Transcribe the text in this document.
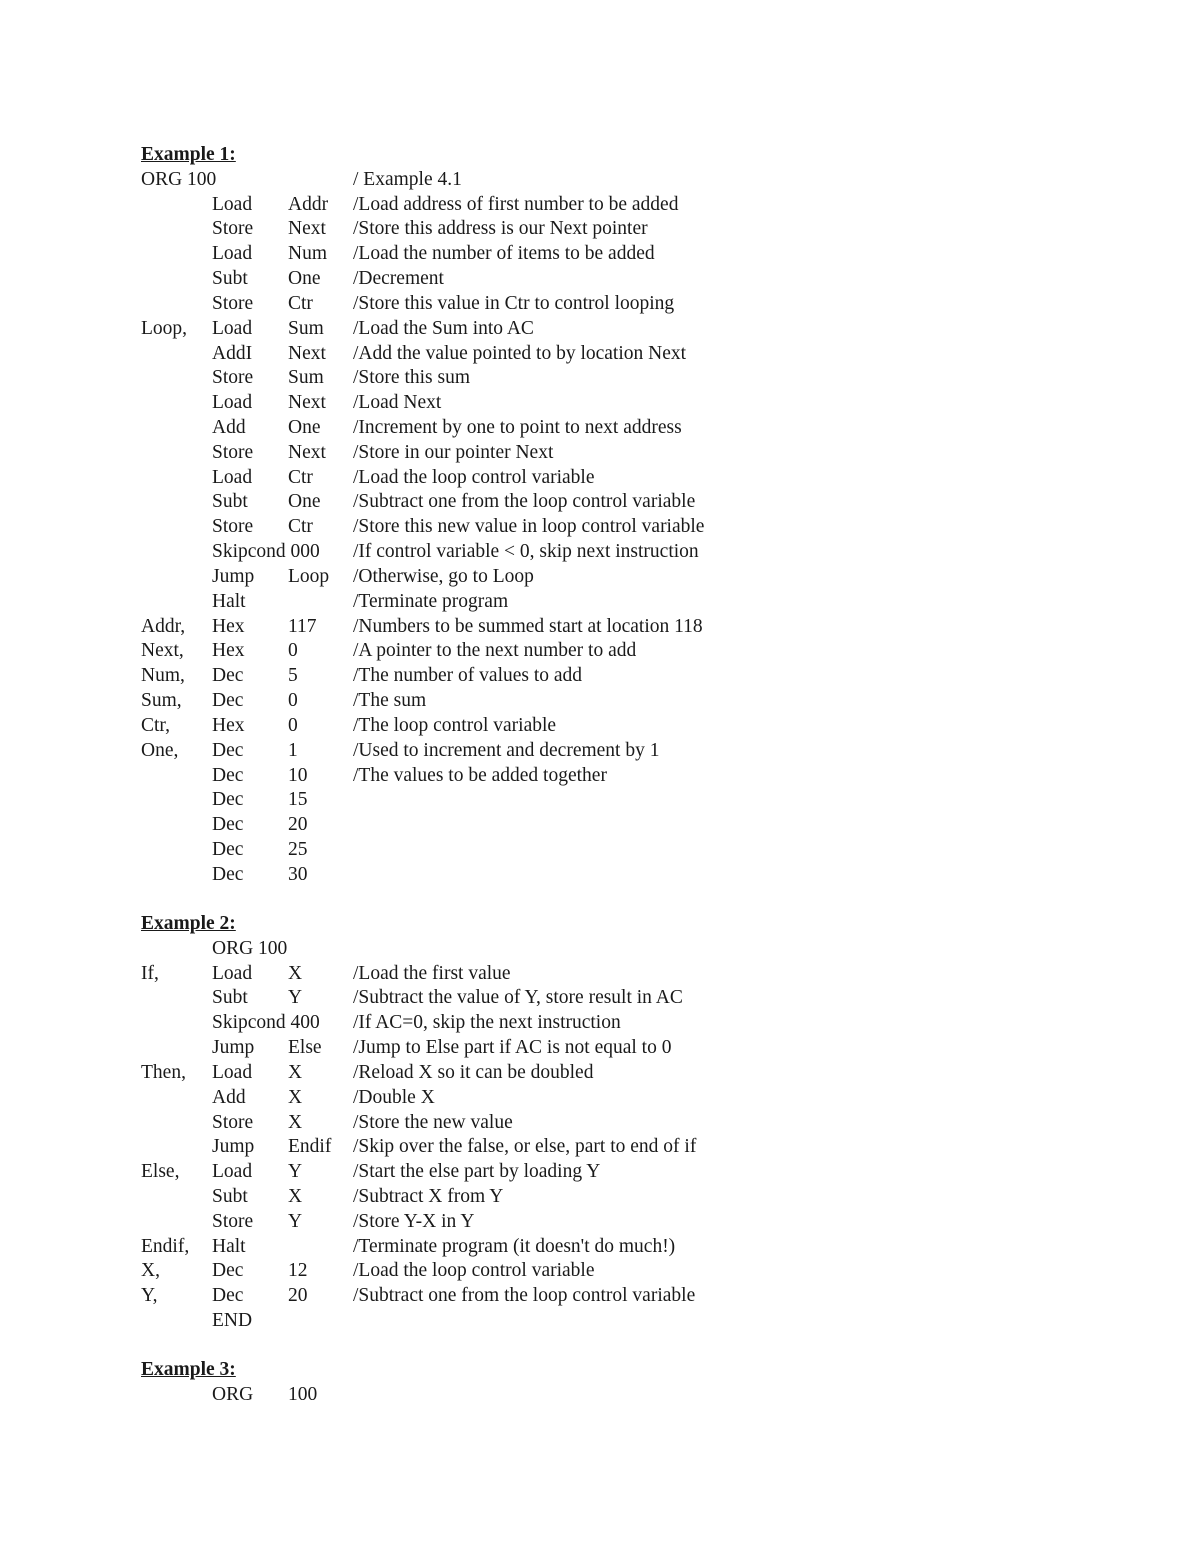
Example 1:
ORG 100	/ Example 4.1
Load Addr /Load address of first number to be added
Store Next /Store this address is our Next pointer
Load Num /Load the number of items to be added
Subt One /Decrement
Store Ctr /Store this value in Ctr to control looping
Loop, Load Sum /Load the Sum into AC
AddI Next /Add the value pointed to by location Next
Store Sum /Store this sum
Load Next /Load Next
Add One /Increment by one to point to next address
Store Next /Store in our pointer Next
Load Ctr /Load the loop control variable
Subt One /Subtract one from the loop control variable
Store Ctr /Store this new value in loop control variable
Skipcond 000 /If control variable < 0, skip next instruction
Jump Loop /Otherwise, go to Loop
Halt	/Terminate program
Addr, Hex 117 /Numbers to be summed start at location 118
Next, Hex 0	/A pointer to the next number to add
Num, Dec 5	/The number of values to add
Sum, Dec 0	/The sum
Ctr, Hex 0	/The loop control variable
One, Dec 1	/Used to increment and decrement by 1
Dec 10 /The values to be added together
Dec 15
Dec 20
Dec 25
Dec 30
Example 2:
ORG 100
If,	Load X	/Load the first value
Subt Y	/Subtract the value of Y, store result in AC
Skipcond 400 /If AC=0, skip the next instruction
Jump Else /Jump to Else part if AC is not equal to 0
Then, Load X	/Reload X so it can be doubled
Add X	/Double X
Store X	/Store the new value
Jump Endif /Skip over the false, or else, part to end of if
Else, Load Y	/Start the else part by loading Y
Subt X	/Subtract X from Y
Store Y	/Store Y-X in Y
Endif, Halt	/Terminate program (it doesn't do much!)
X,	Dec 12 /Load the loop control variable
Y,	Dec 20 /Subtract one from the loop control variable
END
Example 3:
ORG 100
